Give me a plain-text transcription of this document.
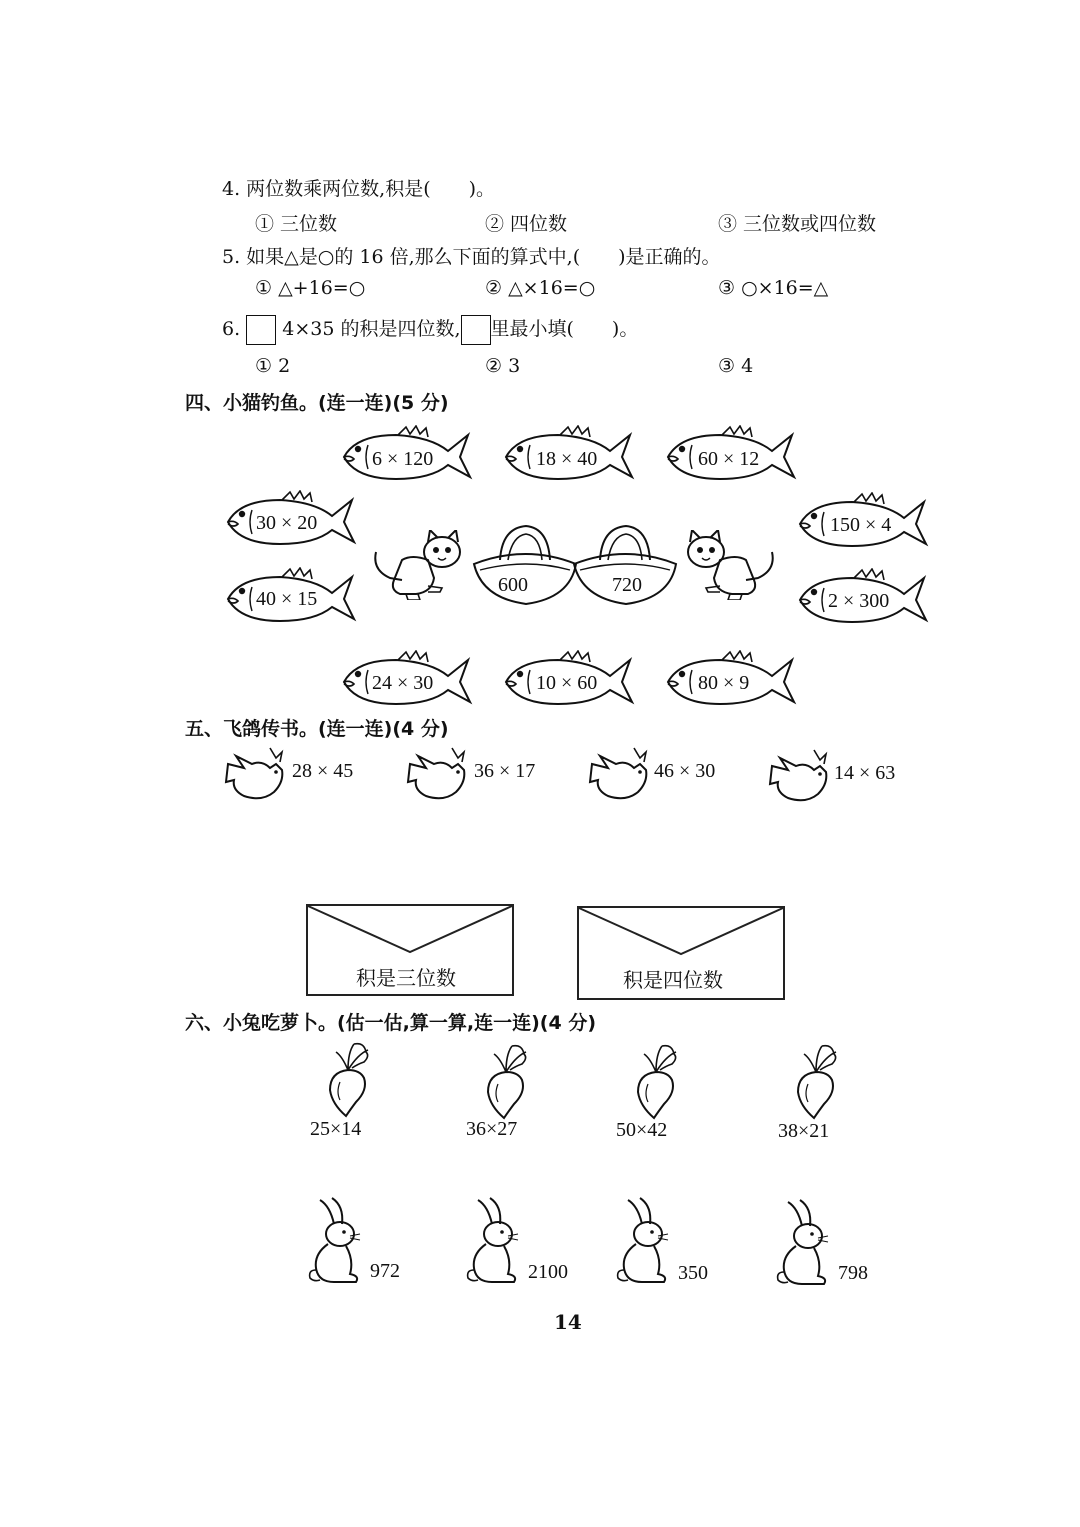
4. 两位数乘两位数,积是(　　)。
① 三位数	② 四位数	③ 三位数或四位数
5. 如果△是○的 16 倍,那么下面的算式中,(　　)是正确的。
① △+16=○	② △×16=○	③ ○×16=△
6. 4×35 的积是四位数, 里最小填(　　)。
① 2	② 3	③ 4
四、小猫钓鱼。(连一连)(5 分)
6 × 120	18 × 40	60 × 12
30 × 20
40 × 15
150 × 4
2 × 300
600	720
24 × 30	10 × 60	80 × 9
五、飞鸽传书。(连一连)(4 分)
28 × 45	36 × 17	46 × 30	14 × 63
积是三位数	积是四位数
六、小兔吃萝卜。(估一估,算一算,连一连)(4 分)
25×14	36×27	50×42	38×21
972	2100	350	798
14
